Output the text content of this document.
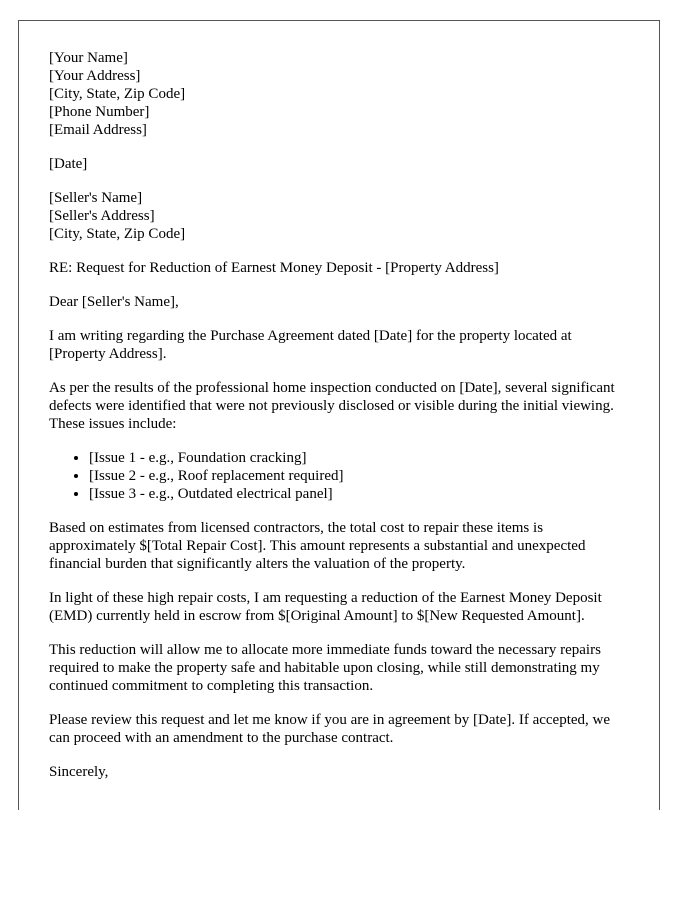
[Your Name]
[Your Address]
[City, State, Zip Code]
[Phone Number]
[Email Address]
[Date]
[Seller's Name]
[Seller's Address]
[City, State, Zip Code]

RE: Request for Reduction of Earnest Money Deposit - [Property Address]

Dear [Seller's Name],

I am writing regarding the Purchase Agreement dated [Date] for the property located at [Property Address].

As per the results of the professional home inspection conducted on [Date], several significant defects were identified that were not previously disclosed or visible during the initial viewing. These issues include:

• [Issue 1 - e.g., Foundation cracking]
• [Issue 2 - e.g., Roof replacement required]
• [Issue 3 - e.g., Outdated electrical panel]

Based on estimates from licensed contractors, the total cost to repair these items is approximately $[Total Repair Cost]. This amount represents a substantial and unexpected financial burden that significantly alters the valuation of the property.

In light of these high repair costs, I am requesting a reduction of the Earnest Money Deposit (EMD) currently held in escrow from $[Original Amount] to $[New Requested Amount].

This reduction will allow me to allocate more immediate funds toward the necessary repairs required to make the property safe and habitable upon closing, while still demonstrating my continued commitment to completing this transaction.

Please review this request and let me know if you are in agreement by [Date]. If accepted, we can proceed with an amendment to the purchase contract.

Sincerely,
